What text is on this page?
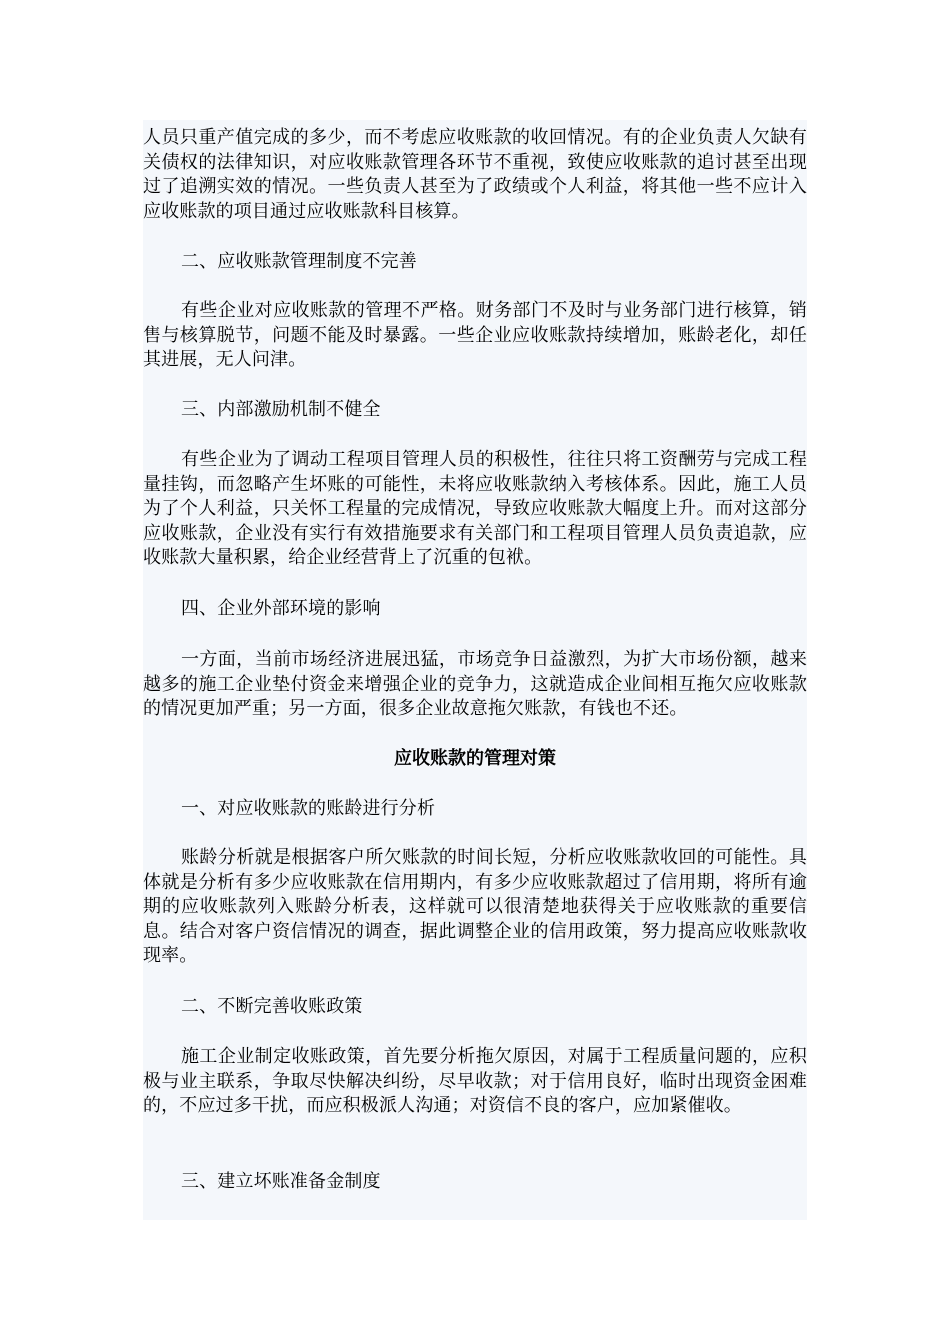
人员只重产值完成的多少，而不考虑应收账款的收回情况。有的企业负责人欠缺有关债权的法律知识，对应收账款管理各环节不重视，致使应收账款的追讨甚至出现过了追溯实效的情况。一些负责人甚至为了政绩或个人利益，将其他一些不应计入应收账款的项目通过应收账款科目核算。

二、应收账款管理制度不完善

有些企业对应收账款的管理不严格。财务部门不及时与业务部门进行核算，销售与核算脱节，问题不能及时暴露。一些企业应收账款持续增加，账龄老化，却任其进展，无人问津。

三、内部激励机制不健全

有些企业为了调动工程项目管理人员的积极性，往往只将工资酬劳与完成工程量挂钩，而忽略产生坏账的可能性，未将应收账款纳入考核体系。因此，施工人员为了个人利益，只关怀工程量的完成情况，导致应收账款大幅度上升。而对这部分应收账款，企业没有实行有效措施要求有关部门和工程项目管理人员负责追款，应收账款大量积累，给企业经营背上了沉重的包袱。

四、企业外部环境的影响

一方面，当前市场经济进展迅猛，市场竞争日益激烈，为扩大市场份额，越来越多的施工企业垫付资金来增强企业的竞争力，这就造成企业间相互拖欠应收账款的情况更加严重；另一方面，很多企业故意拖欠账款，有钱也不还。

应收账款的管理对策

一、对应收账款的账龄进行分析

账龄分析就是根据客户所欠账款的时间长短，分析应收账款收回的可能性。具体就是分析有多少应收账款在信用期内，有多少应收账款超过了信用期，将所有逾期的应收账款列入账龄分析表，这样就可以很清楚地获得关于应收账款的重要信息。结合对客户资信情况的调查，据此调整企业的信用政策，努力提高应收账款收现率。

二、不断完善收账政策

施工企业制定收账政策，首先要分析拖欠原因，对属于工程质量问题的，应积极与业主联系，争取尽快解决纠纷，尽早收款；对于信用良好，临时出现资金困难的，不应过多干扰，而应积极派人沟通；对资信不良的客户，应加紧催收。

三、建立坏账准备金制度
